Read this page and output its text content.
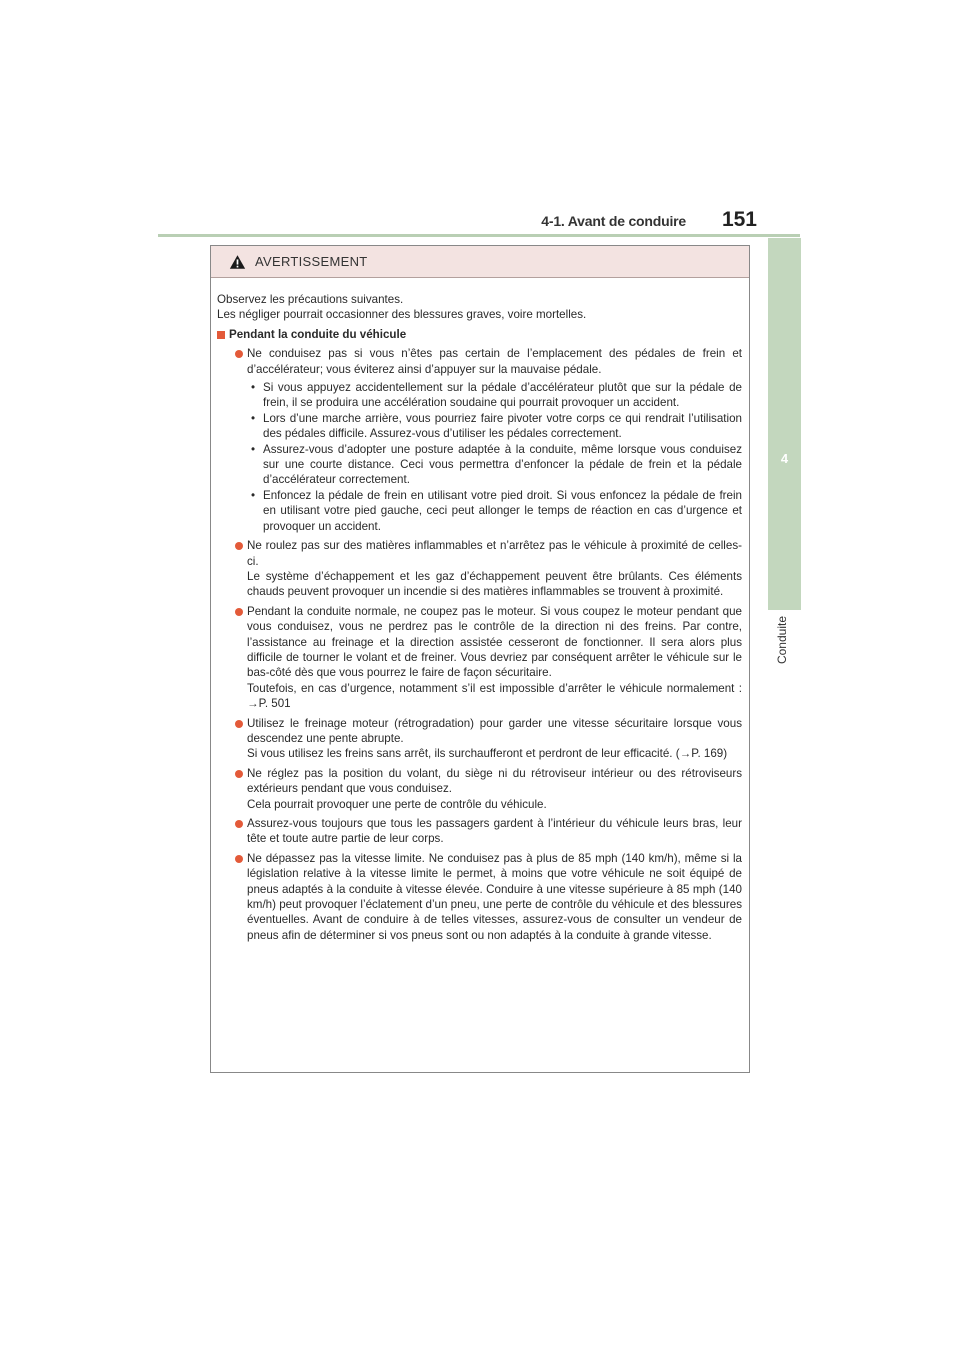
4-1. Avant de conduire 151
4
Conduite
AVERTISSEMENT

Observez les précautions suivantes.

Les négliger pourrait occasionner des blessures graves, voire mortelles.

Pendant la conduite du véhicule

Ne conduisez pas si vous n’êtes pas certain de l’emplacement des pédales de frein et d’accélérateur; vous éviterez ainsi d’appuyer sur la mauvaise pédale.

• Si vous appuyez accidentellement sur la pédale d’accélérateur plutôt que sur la pédale de frein, il se produira une accélération soudaine qui pourrait provoquer un accident.
• Lors d’une marche arrière, vous pourriez faire pivoter votre corps ce qui rendrait l’utilisation des pédales difficile. Assurez-vous d’utiliser les pédales correctement.
• Assurez-vous d’adopter une posture adaptée à la conduite, même lorsque vous conduisez sur une courte distance. Ceci vous permettra d’enfoncer la pédale de frein et la pédale d’accélérateur correctement.
• Enfoncez la pédale de frein en utilisant votre pied droit. Si vous enfoncez la pédale de frein en utilisant votre pied gauche, ceci peut allonger le temps de réaction en cas d’urgence et provoquer un accident.

Ne roulez pas sur des matières inflammables et n’arrêtez pas le véhicule à proximité de celles-ci.

Le système d’échappement et les gaz d’échappement peuvent être brûlants. Ces éléments chauds peuvent provoquer un incendie si des matières inflammables se trouvent à proximité.

Pendant la conduite normale, ne coupez pas le moteur. Si vous coupez le moteur pendant que vous conduisez, vous ne perdrez pas le contrôle de la direction ni des freins. Par contre, l’assistance au freinage et la direction assistée cesseront de fonctionner. Il sera alors plus difficile de tourner le volant et de freiner. Vous devriez par conséquent arrêter le véhicule sur le bas-côté dès que vous pourrez le faire de façon sécuritaire.

Toutefois, en cas d’urgence, notamment s’il est impossible d’arrêter le véhicule normalement : →P. 501

Utilisez le freinage moteur (rétrogradation) pour garder une vitesse sécuritaire lorsque vous descendez une pente abrupte.

Si vous utilisez les freins sans arrêt, ils surchaufferont et perdront de leur efficacité. (→P. 169)

Ne réglez pas la position du volant, du siège ni du rétroviseur intérieur ou des rétroviseurs extérieurs pendant que vous conduisez.

Cela pourrait provoquer une perte de contrôle du véhicule.

Assurez-vous toujours que tous les passagers gardent à l’intérieur du véhicule leurs bras, leur tête et toute autre partie de leur corps.

Ne dépassez pas la vitesse limite. Ne conduisez pas à plus de 85 mph (140 km/h), même si la législation relative à la vitesse limite le permet, à moins que votre véhicule ne soit équipé de pneus adaptés à la conduite à vitesse élevée. Conduire à une vitesse supérieure à 85 mph (140 km/h) peut provoquer l’éclatement d’un pneu, une perte de contrôle du véhicule et des blessures éventuelles. Avant de conduire à de telles vitesses, assurez-vous de consulter un vendeur de pneus afin de déterminer si vos pneus sont ou non adaptés à la conduite à grande vitesse.
